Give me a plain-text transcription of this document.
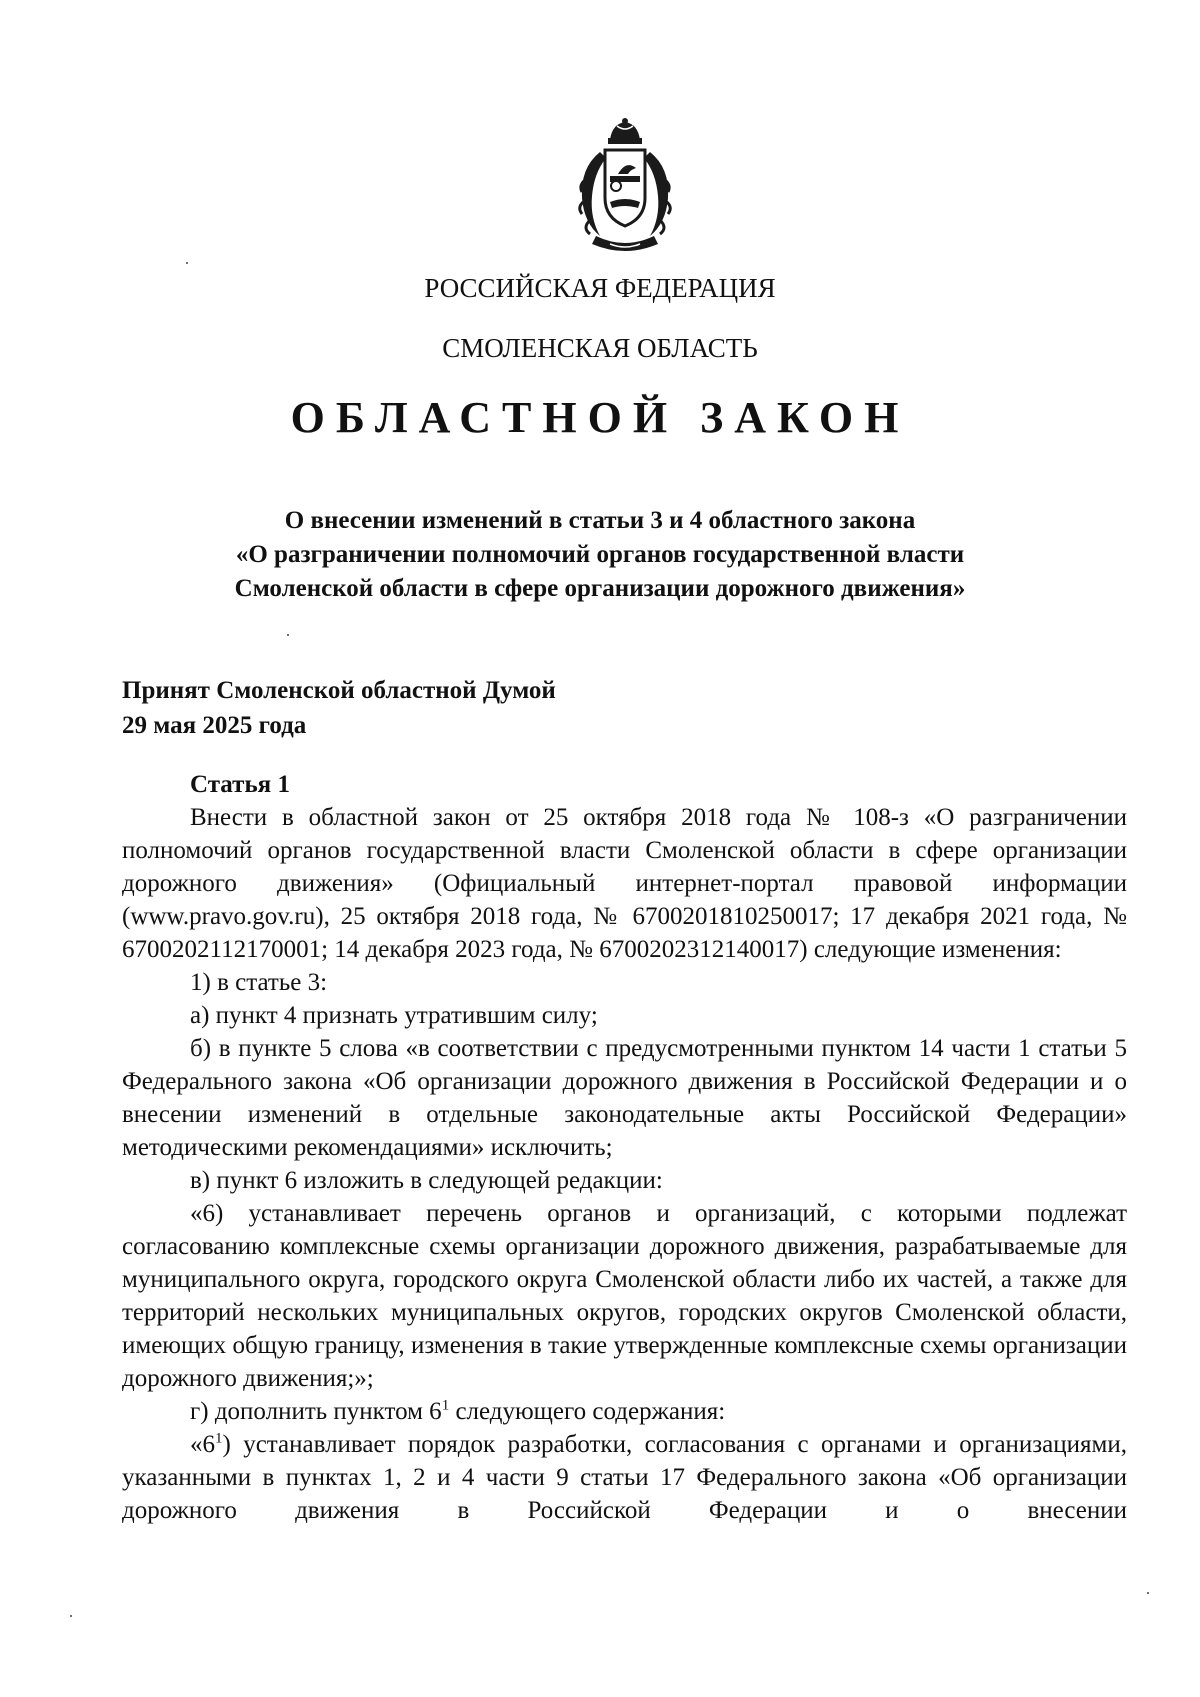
РОССИЙСКАЯ ФЕДЕРАЦИЯ
СМОЛЕНСКАЯ ОБЛАСТЬ
ОБЛАСТНОЙ ЗАКОН
О внесении изменений в статьи 3 и 4 областного закона
«О разграничении полномочий органов государственной власти
Смоленской области в сфере организации дорожного движения»
Принят Смоленской областной Думой
29 мая 2025 года
Статья 1

Внести в областной закон от 25 октября 2018 года № 108-з «О разграничении полномочий органов государственной власти Смоленской области в сфере организации дорожного движения» (Официальный интернет-портал правовой информации (www.pravo.gov.ru), 25 октября 2018 года, № 6700201810250017; 17 декабря 2021 года, № 6700202112170001; 14 декабря 2023 года, № 6700202312140017) следующие изменения:

1) в статье 3:

а) пункт 4 признать утратившим силу;

б) в пункте 5 слова «в соответствии с предусмотренными пунктом 14 части 1 статьи 5 Федерального закона «Об организации дорожного движения в Российской Федерации и о внесении изменений в отдельные законодательные акты Российской Федерации» методическими рекомендациями» исключить;

в) пункт 6 изложить в следующей редакции:

«6) устанавливает перечень органов и организаций, с которыми подлежат согласованию комплексные схемы организации дорожного движения, разрабатываемые для муниципального округа, городского округа Смоленской области либо их частей, а также для территорий нескольких муниципальных округов, городских округов Смоленской области, имеющих общую границу, изменения в такие утвержденные комплексные схемы организации дорожного движения;»;

г) дополнить пунктом $6^1$ следующего содержания:

«$6^1$) устанавливает порядок разработки, согласования с органами и организациями, указанными в пунктах 1, 2 и 4 части 9 статьи 17 Федерального закона «Об организации дорожного движения в Российской Федерации и о внесении
